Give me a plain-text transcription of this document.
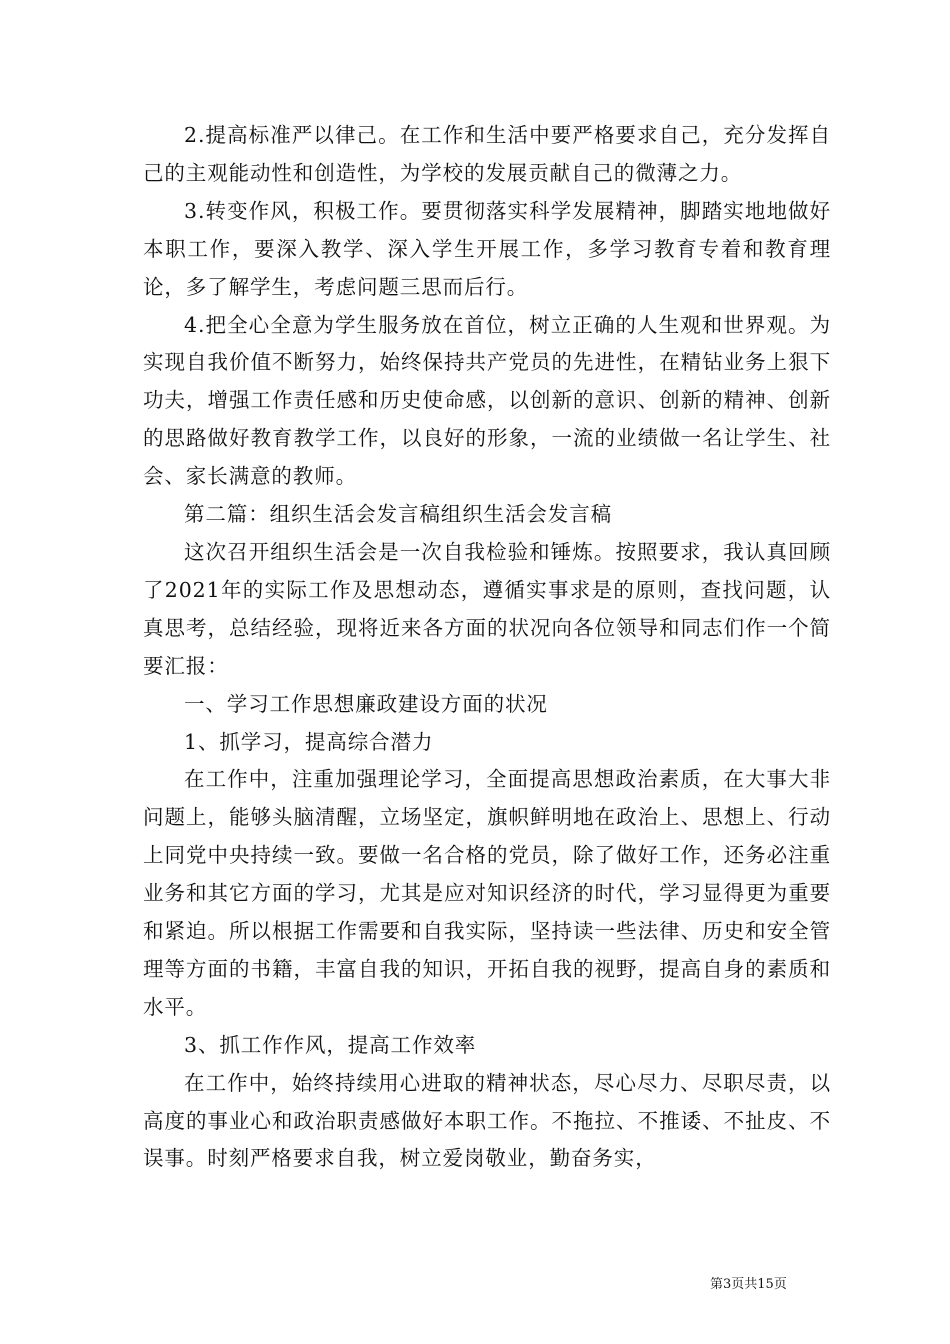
2.提高标准严以律己。在工作和生活中要严格要求自己，充分发挥自己的主观能动性和创造性，为学校的发展贡献自己的微薄之力。

3.转变作风，积极工作。要贯彻落实科学发展精神，脚踏实地地做好本职工作，要深入教学、深入学生开展工作，多学习教育专着和教育理论，多了解学生，考虑问题三思而后行。

4.把全心全意为学生服务放在首位，树立正确的人生观和世界观。为实现自我价值不断努力，始终保持共产党员的先进性，在精钻业务上狠下功夫，增强工作责任感和历史使命感，以创新的意识、创新的精神、创新的思路做好教育教学工作，以良好的形象，一流的业绩做一名让学生、社会、家长满意的教师。

第二篇：组织生活会发言稿组织生活会发言稿

这次召开组织生活会是一次自我检验和锤炼。按照要求，我认真回顾了2021年的实际工作及思想动态，遵循实事求是的原则，查找问题，认真思考，总结经验，现将近来各方面的状况向各位领导和同志们作一个简要汇报：

一、学习工作思想廉政建设方面的状况

1、抓学习，提高综合潜力

在工作中，注重加强理论学习，全面提高思想政治素质，在大事大非问题上，能够头脑清醒，立场坚定，旗帜鲜明地在政治上、思想上、行动上同党中央持续一致。要做一名合格的党员，除了做好工作，还务必注重业务和其它方面的学习，尤其是应对知识经济的时代，学习显得更为重要和紧迫。所以根据工作需要和自我实际，坚持读一些法律、历史和安全管理等方面的书籍，丰富自我的知识，开拓自我的视野，提高自身的素质和水平。

3、抓工作作风，提高工作效率

在工作中，始终持续用心进取的精神状态，尽心尽力、尽职尽责，以高度的事业心和政治职责感做好本职工作。不拖拉、不推诿、不扯皮、不误事。时刻严格要求自我，树立爱岗敬业，勤奋务实，

第3页共15页
